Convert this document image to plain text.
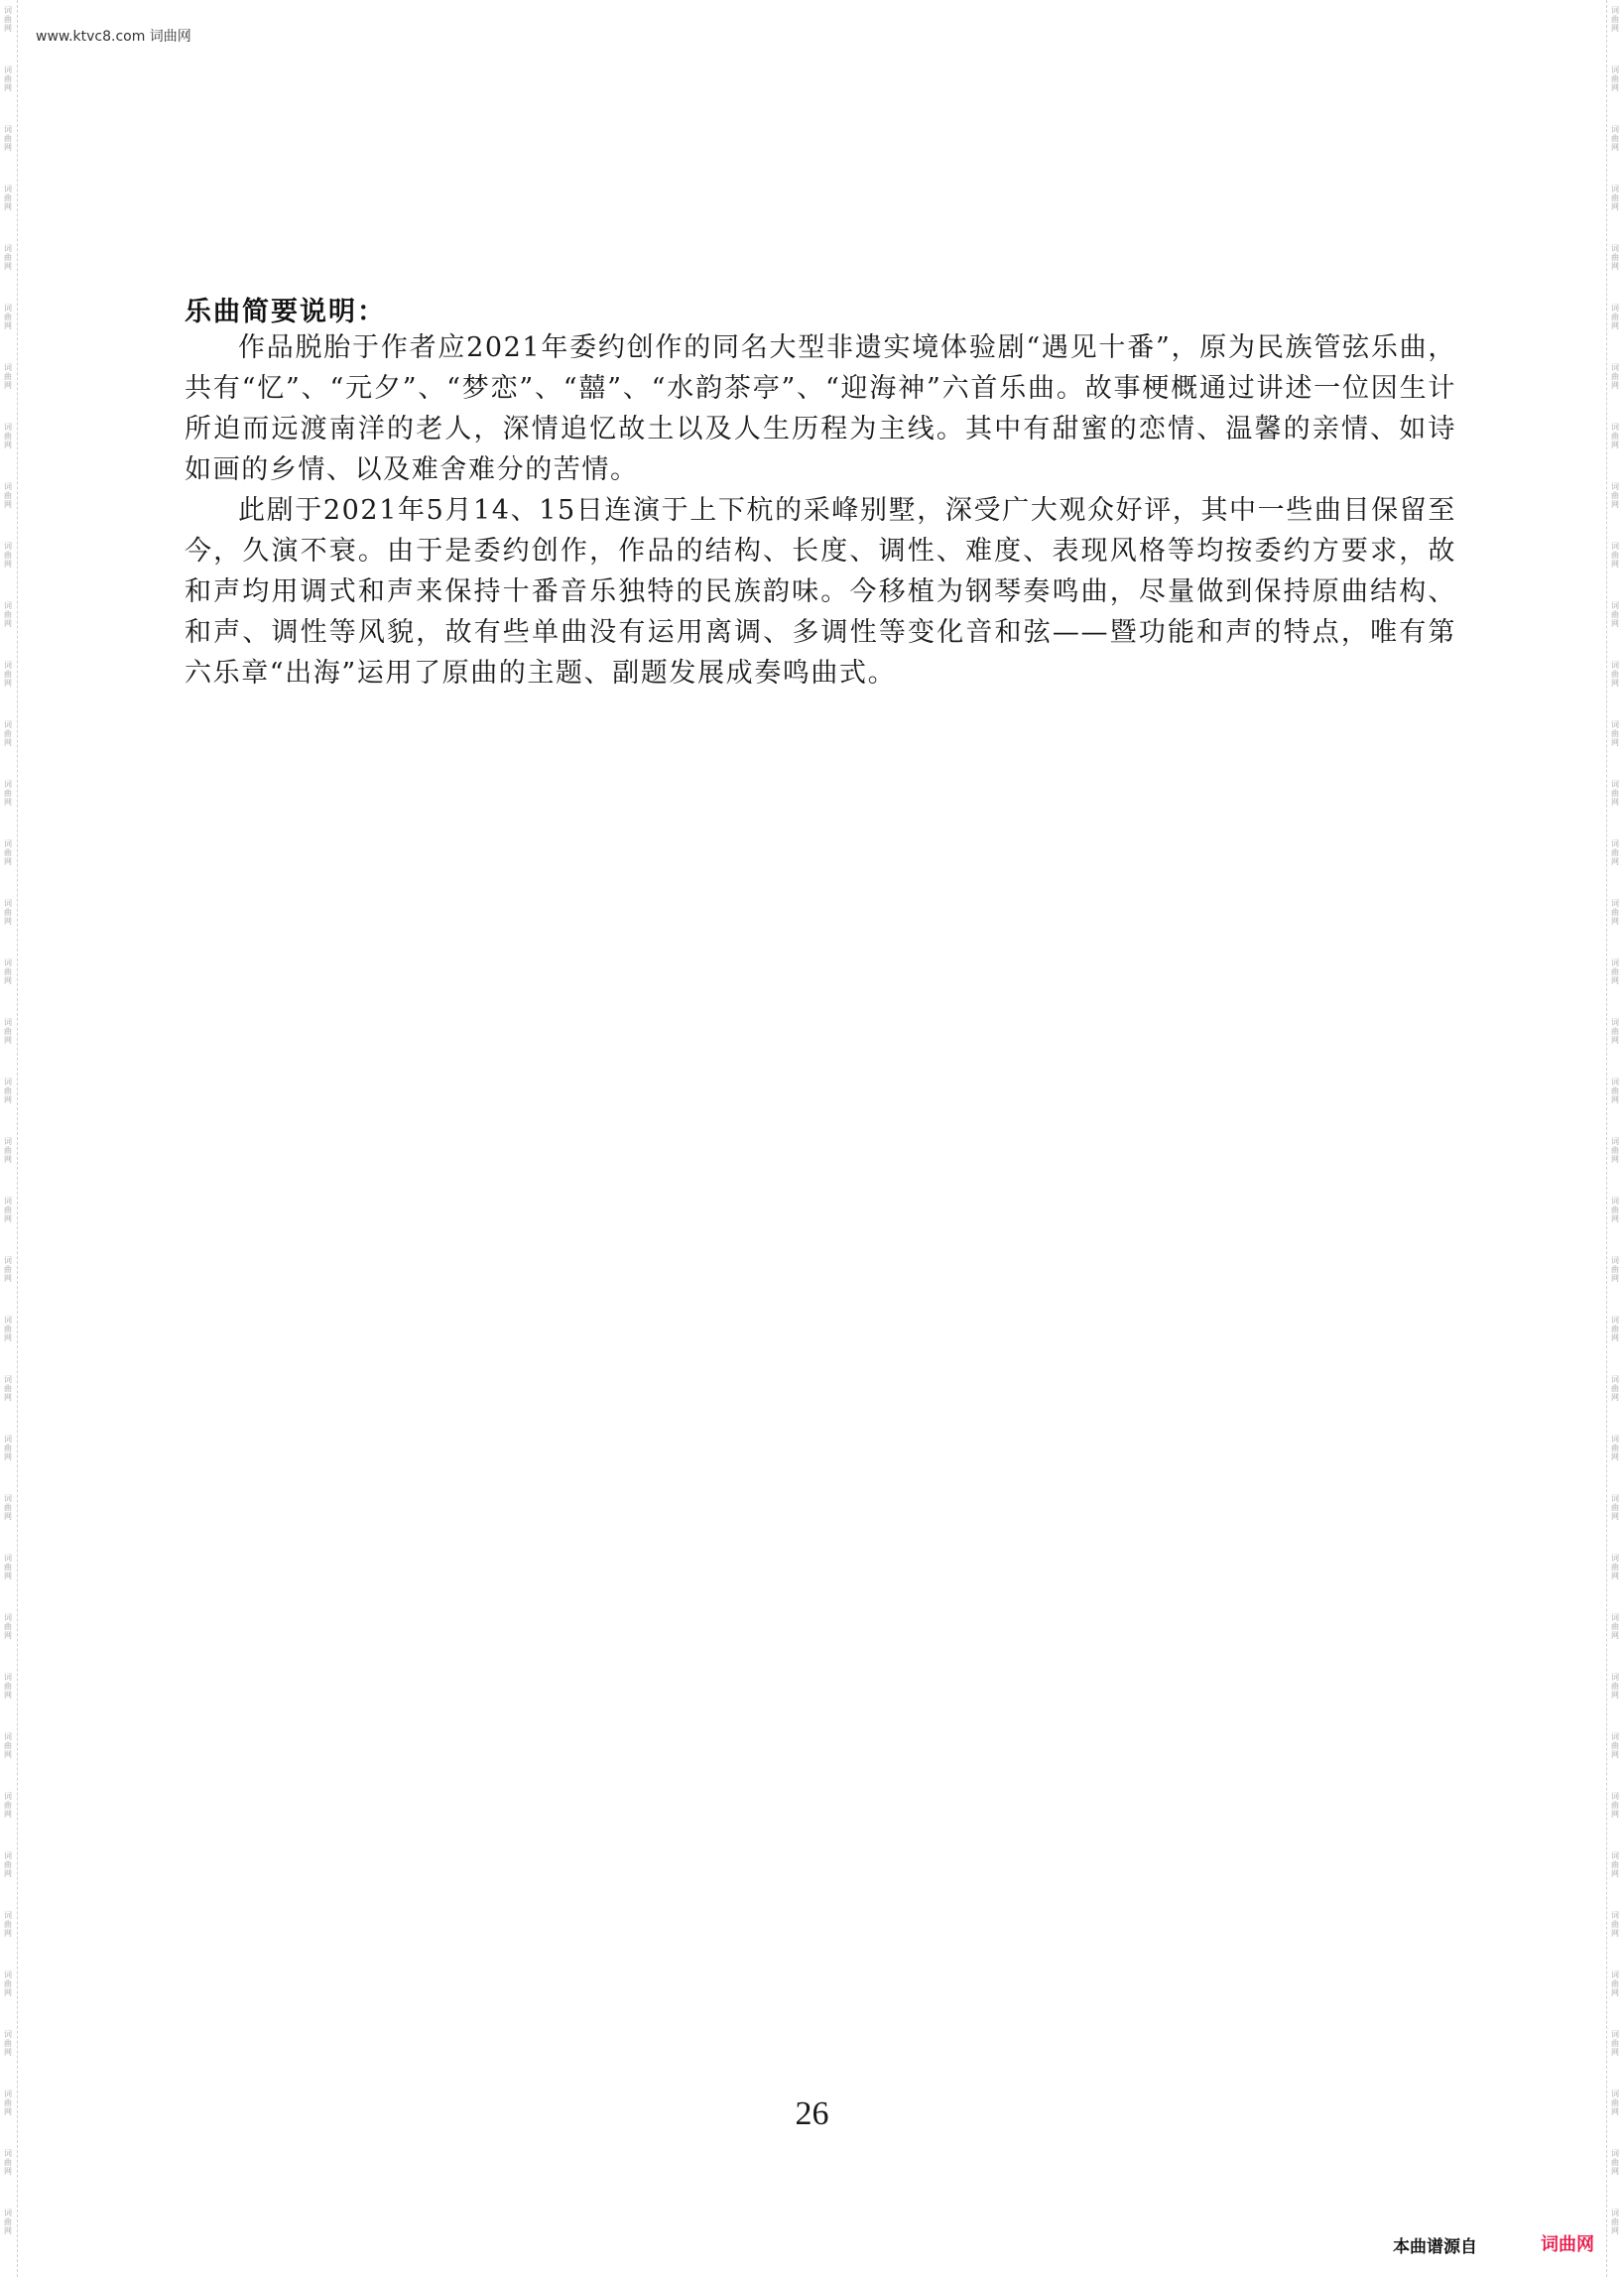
词曲网
词曲网
词曲网
词曲网
词曲网
词曲网
词曲网
词曲网
词曲网
词曲网
词曲网
词曲网
词曲网
词曲网
词曲网
词曲网
词曲网
词曲网
词曲网
词曲网
词曲网
词曲网
词曲网
词曲网
词曲网
词曲网
词曲网
词曲网
词曲网
词曲网
词曲网
词曲网
词曲网
词曲网
词曲网
词曲网
词曲网
词曲网
词曲网
词曲网
词曲网
词曲网
词曲网
词曲网
词曲网
词曲网
词曲网
词曲网
词曲网
词曲网
词曲网
词曲网
词曲网
词曲网
词曲网
词曲网
词曲网
词曲网
词曲网
词曲网
词曲网
词曲网
词曲网
词曲网
词曲网
词曲网
词曲网
词曲网
词曲网
词曲网
词曲网
词曲网
词曲网
词曲网
词曲网
词曲网
www.ktvc8.com 词曲网
乐曲简要说明：

作品脱胎于作者应2021年委约创作的同名大型非遗实境体验剧“遇见十番”，原为民族管弦乐曲，共有“忆”、“元夕”、“梦恋”、“囍”、“水韵茶亭”、“迎海神”六首乐曲。故事梗概通过讲述一位因生计所迫而远渡南洋的老人，深情追忆故土以及人生历程为主线。其中有甜蜜的恋情、温馨的亲情、如诗如画的乡情、以及难舍难分的苦情。

此剧于2021年5月14、15日连演于上下杭的采峰别墅，深受广大观众好评，其中一些曲目保留至今，久演不衰。由于是委约创作，作品的结构、长度、调性、难度、表现风格等均按委约方要求，故和声均用调式和声来保持十番音乐独特的民族韵味。今移植为钢琴奏鸣曲，尽量做到保持原曲结构、和声、调性等风貌，故有些单曲没有运用离调、多调性等变化音和弦——暨功能和声的特点，唯有第六乐章“出海”运用了原曲的主题、副题发展成奏鸣曲式。

26
本曲谱源自	词曲网
